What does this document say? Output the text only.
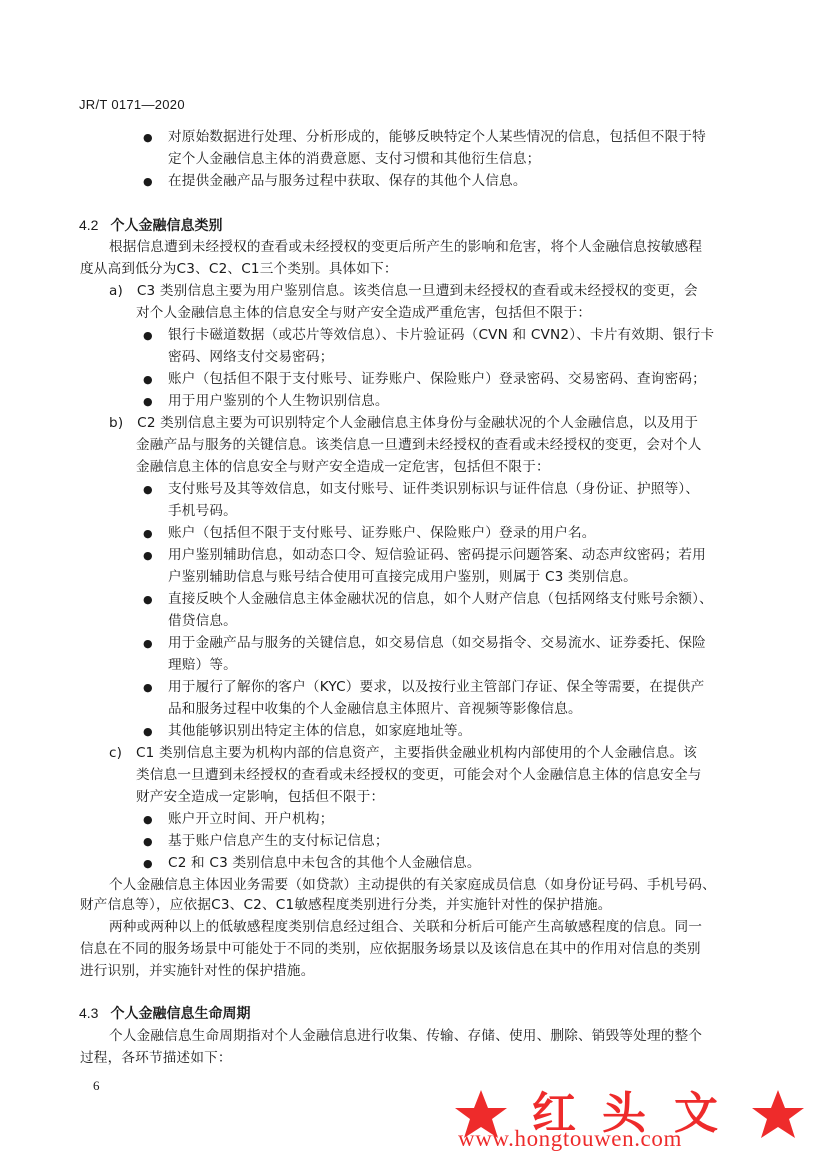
JR/T 0171—2020
● 对原始数据进行处理、分析形成的，能够反映特定个人某些情况的信息，包括但不限于特
定个人金融信息主体的消费意愿、支付习惯和其他衍生信息；
● 在提供金融产品与服务过程中获取、保存的其他个人信息。
根据信息遭到未经授权的查看或未经授权的变更后所产生的影响和危害，将个人金融信息按敏感程
度从高到低分为C3、C2、C1三个类别。具体如下：
a)　C3 类别信息主要为用户鉴别信息。该类信息一旦遭到未经授权的查看或未经授权的变更，会
对个人金融信息主体的信息安全与财产安全造成严重危害，包括但不限于：
● 银行卡磁道数据（或芯片等效信息）、卡片验证码（CVN 和 CVN2）、卡片有效期、银行卡
密码、网络支付交易密码；
● 账户（包括但不限于支付账号、证券账户、保险账户）登录密码、交易密码、查询密码；
● 用于用户鉴别的个人生物识别信息。
b)　C2 类别信息主要为可识别特定个人金融信息主体身份与金融状况的个人金融信息，以及用于
金融产品与服务的关键信息。该类信息一旦遭到未经授权的查看或未经授权的变更，会对个人
金融信息主体的信息安全与财产安全造成一定危害，包括但不限于：
● 支付账号及其等效信息，如支付账号、证件类识别标识与证件信息（身份证、护照等）、
手机号码。
● 账户（包括但不限于支付账号、证券账户、保险账户）登录的用户名。
● 用户鉴别辅助信息，如动态口令、短信验证码、密码提示问题答案、动态声纹密码；若用
户鉴别辅助信息与账号结合使用可直接完成用户鉴别，则属于 C3 类别信息。
● 直接反映个人金融信息主体金融状况的信息，如个人财产信息（包括网络支付账号余额）、
借贷信息。
● 用于金融产品与服务的关键信息，如交易信息（如交易指令、交易流水、证券委托、保险
理赔）等。
● 用于履行了解你的客户（KYC）要求，以及按行业主管部门存证、保全等需要，在提供产
品和服务过程中收集的个人金融信息主体照片、音视频等影像信息。
● 其他能够识别出特定主体的信息，如家庭地址等。
c)　C1 类别信息主要为机构内部的信息资产，主要指供金融业机构内部使用的个人金融信息。该
类信息一旦遭到未经授权的查看或未经授权的变更，可能会对个人金融信息主体的信息安全与
财产安全造成一定影响，包括但不限于：
● 账户开立时间、开户机构；
● 基于账户信息产生的支付标记信息；
● C2 和 C3 类别信息中未包含的其他个人金融信息。
个人金融信息主体因业务需要（如贷款）主动提供的有关家庭成员信息（如身份证号码、手机号码、
财产信息等），应依据C3、C2、C1敏感程度类别进行分类，并实施针对性的保护措施。
两种或两种以上的低敏感程度类别信息经过组合、关联和分析后可能产生高敏感程度的信息。同一
信息在不同的服务场景中可能处于不同的类别，应依据服务场景以及该信息在其中的作用对信息的类别
进行识别，并实施针对性的保护措施。
个人金融信息生命周期指对个人金融信息进行收集、传输、存储、使用、删除、销毁等处理的整个
过程，各环节描述如下：
4.2 个人金融信息类别
4.3 个人金融信息生命周期
6
红 头 文
www.hongtouwen.com
